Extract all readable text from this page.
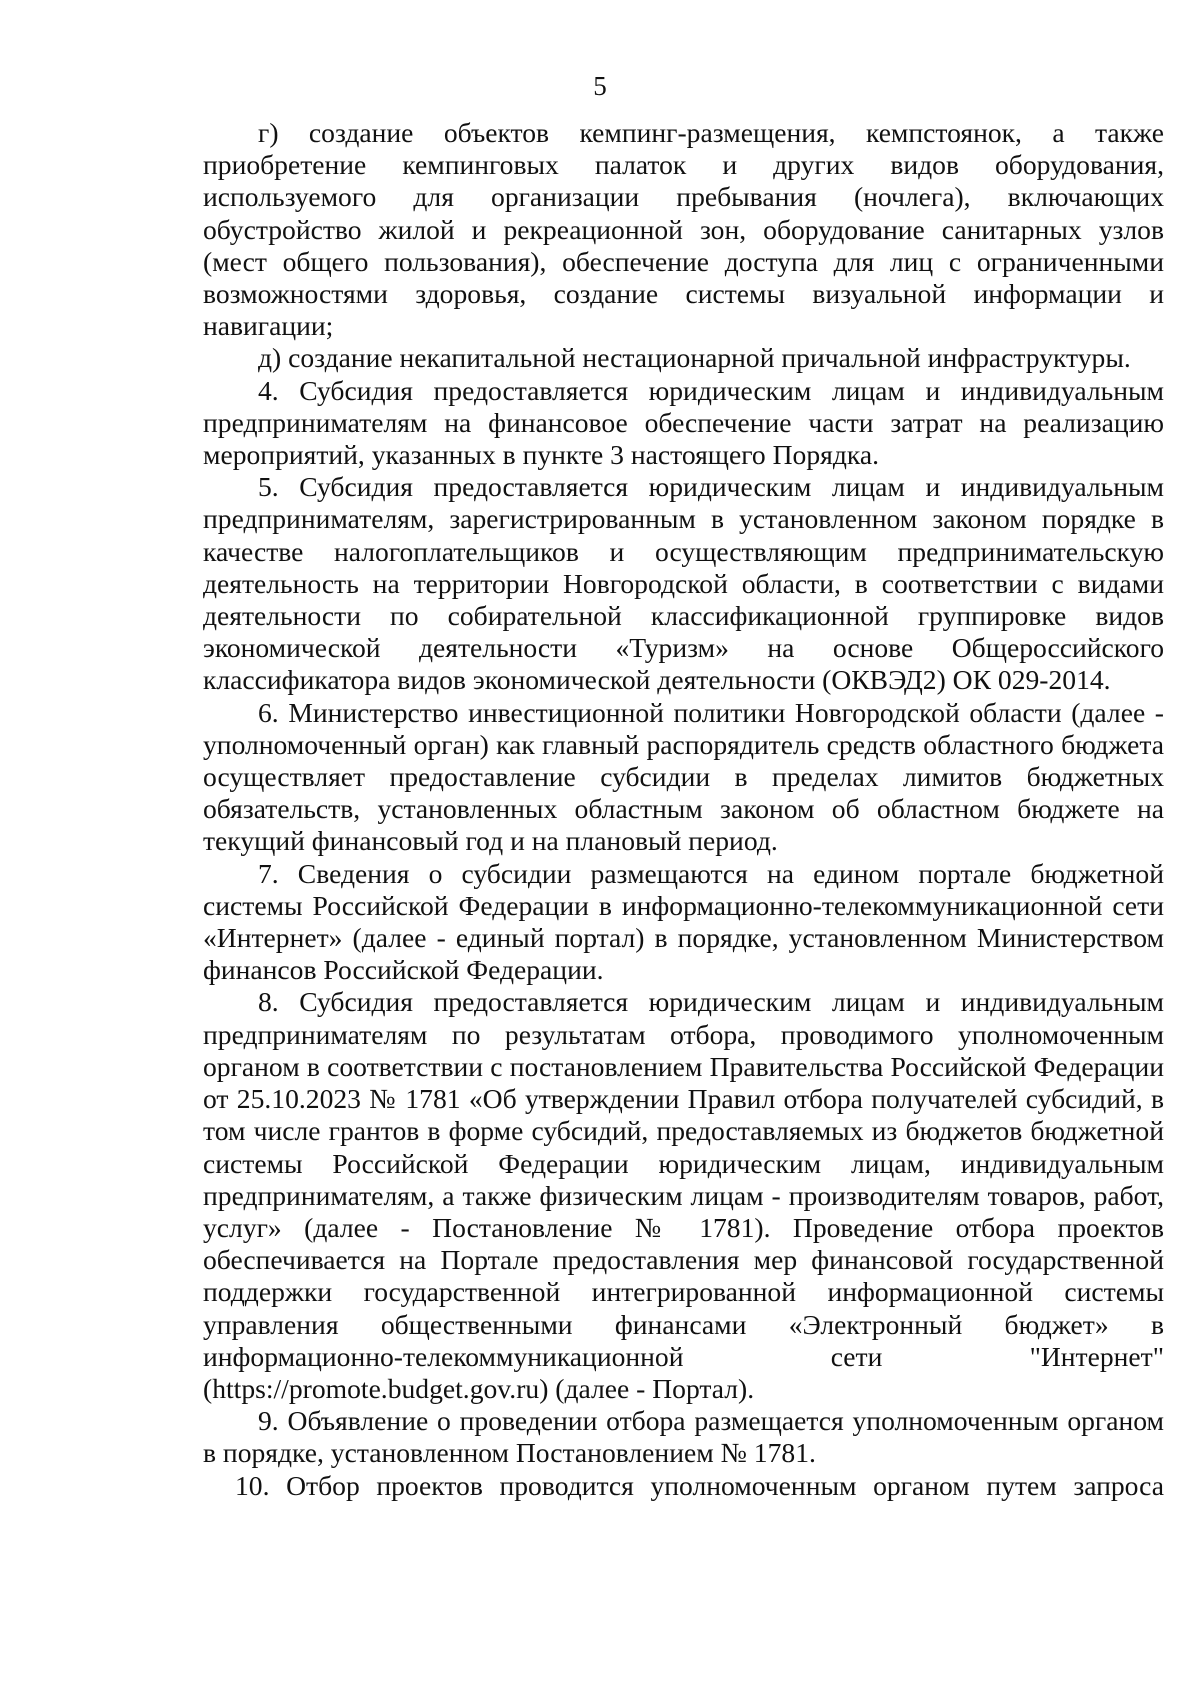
5

г) создание объектов кемпинг-размещения, кемпстоянок, а также приобретение кемпинговых палаток и других видов оборудования, используемого для организации пребывания (ночлега), включающих обустройство жилой и рекреационной зон, оборудование санитарных узлов (мест общего пользования), обеспечение доступа для лиц с ограниченными возможностями здоровья, создание системы визуальной информации и навигации;

д) создание некапитальной нестационарной причальной инфраструктуры.

4. Субсидия предоставляется юридическим лицам и индивидуальным предпринимателям на финансовое обеспечение части затрат на реализацию мероприятий, указанных в пункте 3 настоящего Порядка.

5. Субсидия предоставляется юридическим лицам и индивидуальным предпринимателям, зарегистрированным в установленном законом порядке в качестве налогоплательщиков и осуществляющим предпринимательскую деятельность на территории Новгородской области, в соответствии с видами деятельности по собирательной классификационной группировке видов экономической деятельности «Туризм» на основе Общероссийского классификатора видов экономической деятельности (ОКВЭД2) ОК 029-2014.

6. Министерство инвестиционной политики Новгородской области (далее - уполномоченный орган) как главный распорядитель средств областного бюджета осуществляет предоставление субсидии в пределах лимитов бюджетных обязательств, установленных областным законом об областном бюджете на текущий финансовый год и на плановый период.

7. Сведения о субсидии размещаются на едином портале бюджетной системы Российской Федерации в информационно-телекоммуникационной сети «Интернет» (далее - единый портал) в порядке, установленном Министерством финансов Российской Федерации.

8. Субсидия предоставляется юридическим лицам и индивидуальным предпринимателям по результатам отбора, проводимого уполномоченным органом в соответствии с постановлением Правительства Российской Федерации от 25.10.2023 № 1781 «Об утверждении Правил отбора получателей субсидий, в том числе грантов в форме субсидий, предоставляемых из бюджетов бюджетной системы Российской Федерации юридическим лицам, индивидуальным предпринимателям, а также физическим лицам - производителям товаров, работ, услуг» (далее - Постановление № 1781). Проведение отбора проектов обеспечивается на Портале предоставления мер финансовой государственной поддержки государственной интегрированной информационной системы управления общественными финансами «Электронный бюджет» в информационно-телекоммуникационной сети "Интернет" (https://promote.budget.gov.ru) (далее - Портал).

9. Объявление о проведении отбора размещается уполномоченным органом в порядке, установленном Постановлением № 1781.

10. Отбор проектов проводится уполномоченным органом путем запроса
